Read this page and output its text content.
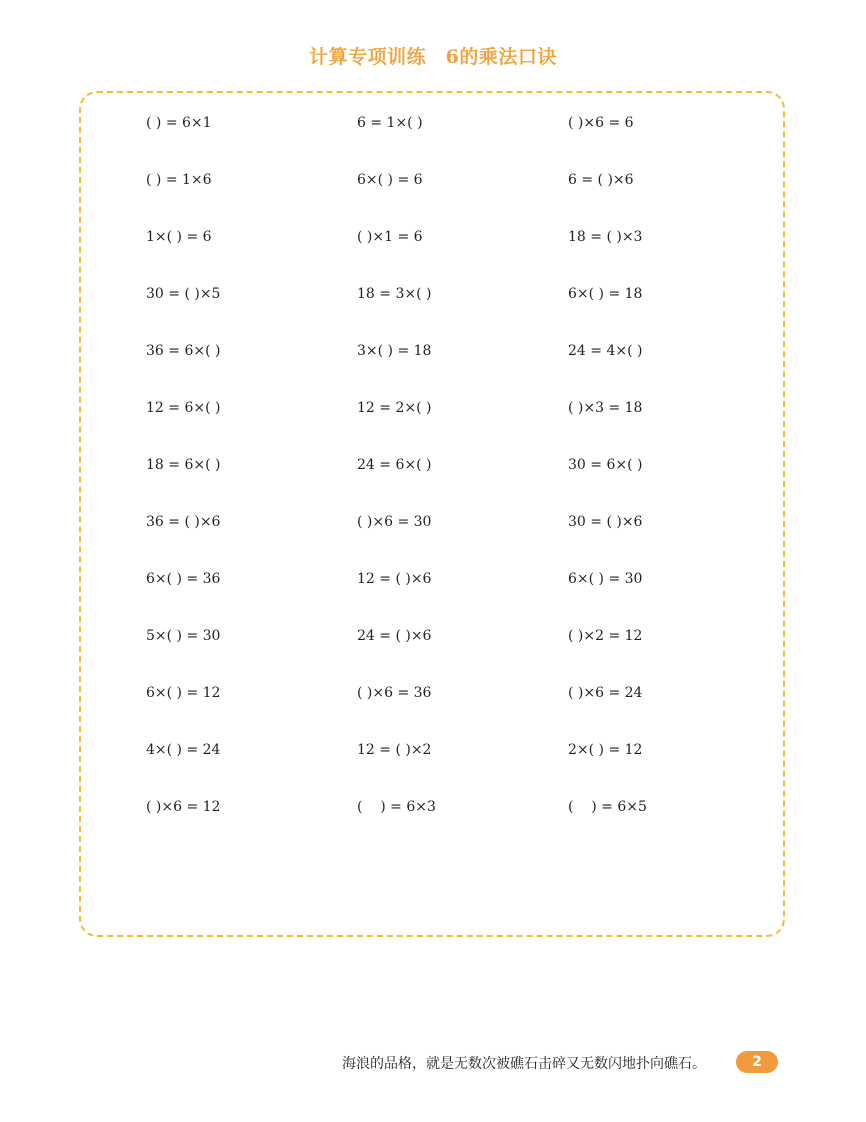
计算专项训练　6的乘法口诀
( ) = 6×1	6 = 1×( )	( )×6 = 6
( ) = 1×6	6×( ) = 6	6 = ( )×6
1×( ) = 6	( )×1 = 6	18 = ( )×3
30 = ( )×5	18 = 3×( )	6×( ) = 18
36 = 6×( )	3×( ) = 18	24 = 4×( )
12 = 6×( )	12 = 2×( )	( )×3 = 18
18 = 6×( )	24 = 6×( )	30 = 6×( )
36 = ( )×6	( )×6 = 30	30 = ( )×6
6×( ) = 36	12 = ( )×6	6×( ) = 30
5×( ) = 30	24 = ( )×6	( )×2 = 12
6×( ) = 12	( )×6 = 36	( )×6 = 24
4×( ) = 24	12 = ( )×2	2×( ) = 12
( )×6 = 12	(    ) = 6×3	(    ) = 6×5
海浪的品格，就是无数次被礁石击碎又无数闪地扑向礁石。	2
